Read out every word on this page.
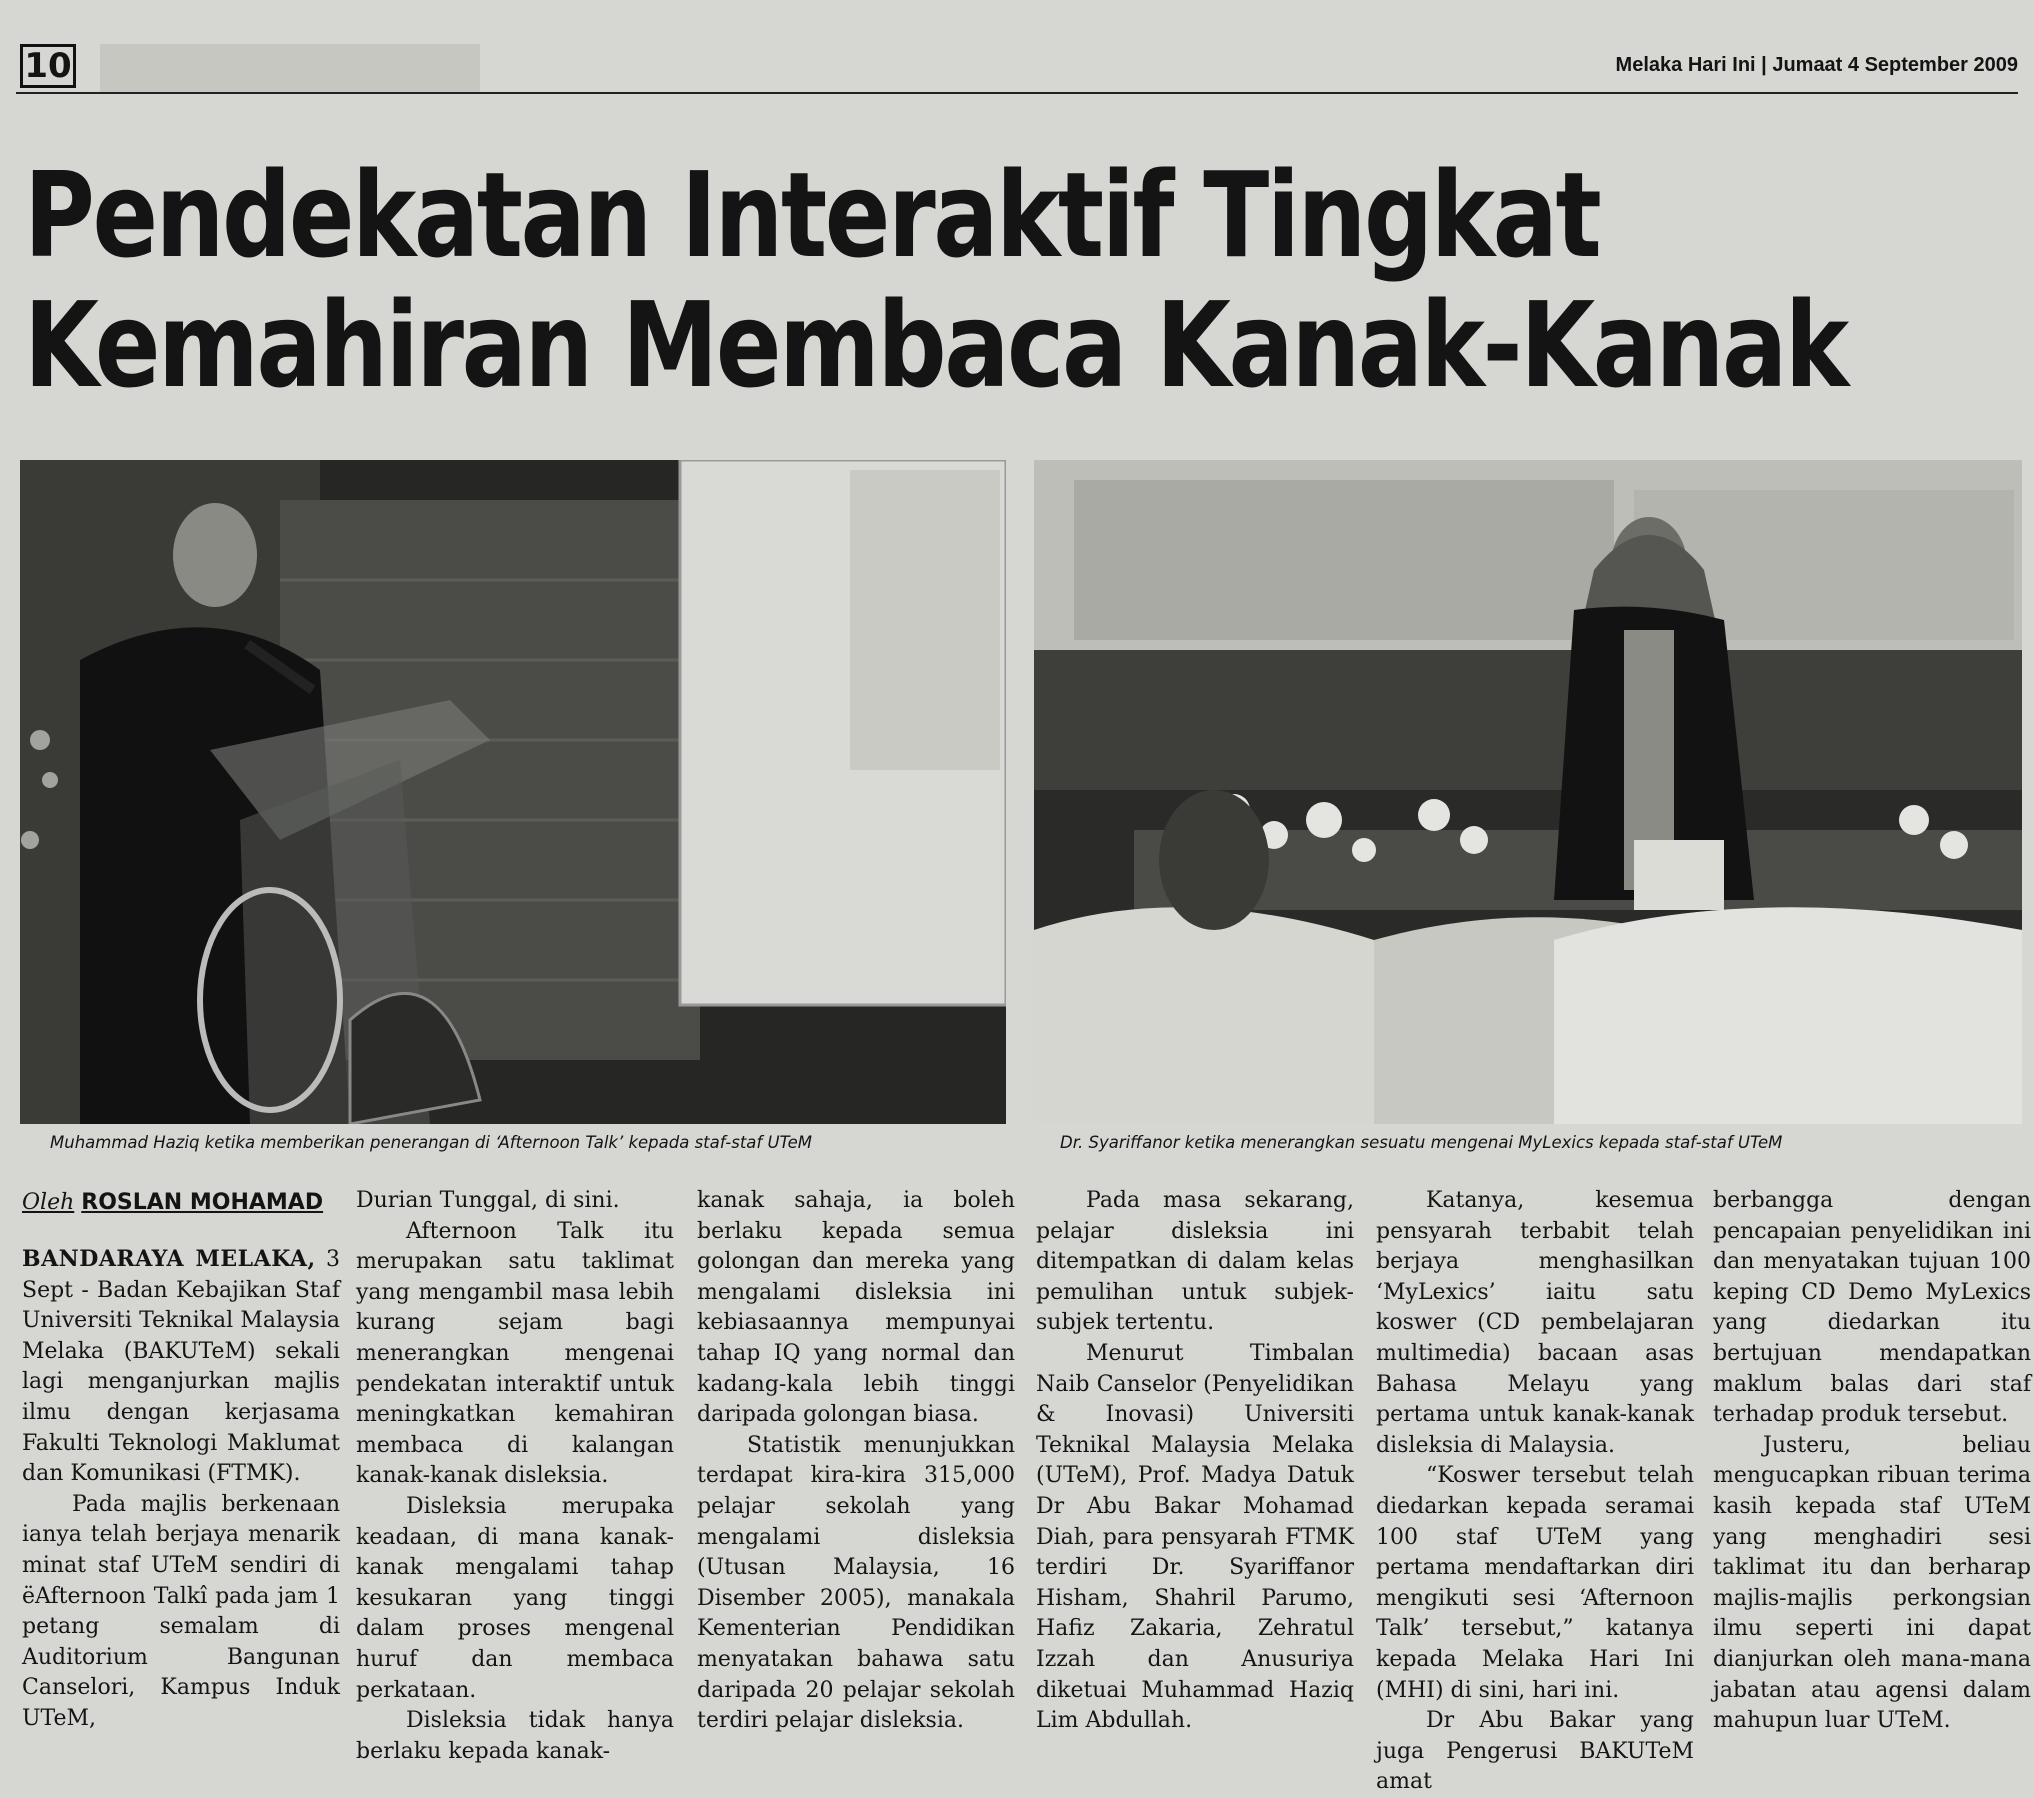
10	Melaka Hari Ini | Jumaat 4 September 2009
Pendekatan Interaktif Tingkat
Kemahiran Membaca Kanak-Kanak
Muhammad Haziq ketika memberikan penerangan di ‘Afternoon Talk’ kepada staf-staf UTeM	Dr. Syariffanor ketika menerangkan sesuatu mengenai MyLexics kepada staf-staf UTeM
Oleh ROSLAN MOHAMAD

BANDARAYA MELAKA, 3 Sept - Badan Kebajikan Staf Universiti Teknikal Malaysia Melaka (BAKUTeM) sekali lagi menganjurkan majlis ilmu dengan kerjasama Fakulti Teknologi Maklumat dan Komunikasi (FTMK).

Pada majlis berkenaan ianya telah berjaya menarik minat staf UTeM sendiri di ëAfternoon Talkî pada jam 1 petang semalam di Auditorium Bangunan Canselori, Kampus Induk UTeM,

Durian Tunggal, di sini.

Afternoon Talk itu merupakan satu taklimat yang mengambil masa lebih kurang sejam bagi menerangkan mengenai pendekatan interaktif untuk meningkatkan kemahiran membaca di kalangan kanak-kanak disleksia.

Disleksia merupaka keadaan, di mana kanak-kanak mengalami tahap kesukaran yang tinggi dalam proses mengenal huruf dan membaca perkataan.

Disleksia tidak hanya berlaku kepada kanak-

kanak sahaja, ia boleh berlaku kepada semua golongan dan mereka yang mengalami disleksia ini kebiasaannya mempunyai tahap IQ yang normal dan kadang-kala lebih tinggi daripada golongan biasa.

Statistik menunjukkan terdapat kira-kira 315,000 pelajar sekolah yang mengalami disleksia (Utusan Malaysia, 16 Disember 2005), manakala Kementerian Pendidikan menyatakan bahawa satu daripada 20 pelajar sekolah terdiri pelajar disleksia.

Pada masa sekarang, pelajar disleksia ini ditempatkan di dalam kelas pemulihan untuk subjek-subjek tertentu.

Menurut Timbalan Naib Canselor (Penyelidikan & Inovasi) Universiti Teknikal Malaysia Melaka (UTeM), Prof. Madya Datuk Dr Abu Bakar Mohamad Diah, para pensyarah FTMK terdiri Dr. Syariffanor Hisham, Shahril Parumo, Hafiz Zakaria, Zehratul Izzah dan Anusuriya diketuai Muhammad Haziq Lim Abdullah.

Katanya, kesemua pensyarah terbabit telah berjaya menghasilkan ‘MyLexics’ iaitu satu koswer (CD pembelajaran multimedia) bacaan asas Bahasa Melayu yang pertama untuk kanak-kanak disleksia di Malaysia.

“Koswer tersebut telah diedarkan kepada seramai 100 staf UTeM yang pertama mendaftarkan diri mengikuti sesi ‘Afternoon Talk’ tersebut,” katanya kepada Melaka Hari Ini (MHI) di sini, hari ini.

Dr Abu Bakar yang juga Pengerusi BAKUTeM amat

berbangga dengan pencapaian penyelidikan ini dan menyatakan tujuan 100 keping CD Demo MyLexics yang diedarkan itu bertujuan mendapatkan maklum balas dari staf terhadap produk tersebut.

Justeru, beliau mengucapkan ribuan terima kasih kepada staf UTeM yang menghadiri sesi taklimat itu dan berharap majlis-majlis perkongsian ilmu seperti ini dapat dianjurkan oleh mana-mana jabatan atau agensi dalam mahupun luar UTeM.
